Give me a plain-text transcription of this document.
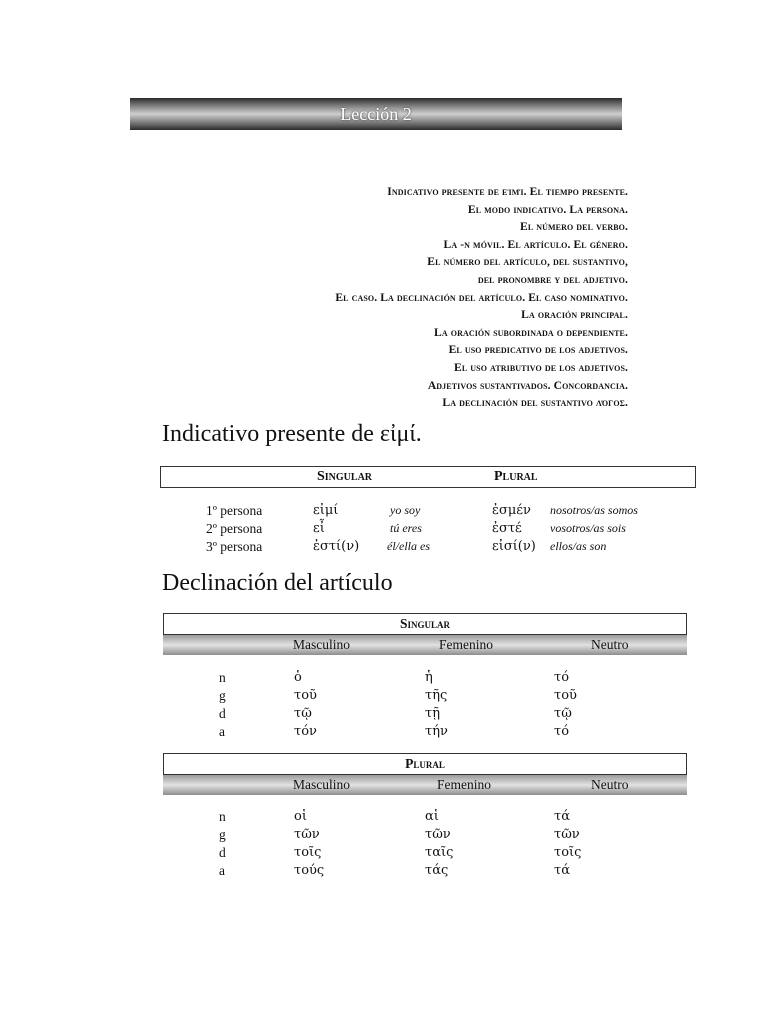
Lección 2
Indicativo presente de εἰμί. El tiempo presente.
El modo indicativo. La persona.
El número del verbo.
La -ν móvil. El artículo. El género.
El número del artículo, del sustantivo,
del pronombre y del adjetivo.
El caso. La declinación del artículo. El caso nominativo.
La oración principal.
La oración subordinada o dependiente.
El uso predicativo de los adjetivos.
El uso atributivo de los adjetivos.
Adjetivos sustantivados. Concordancia.
La declinación del sustantivo λόγος.
Indicativo presente de εἰμί.
Singular	Plural
1º persona	εἰμί	yo soy	ἐσμέν nosotros/as somos
2º persona	εἶ	tú eres	ἐστέ vosotros/as sois
3º persona	ἐστί(ν) él/ella es	εἰσί(ν) ellos/as son
Declinación del artículo
Singular
Masculino	Femenino	Neutro
n	ὁ	ἡ	τό
g	τοῦ	τῆς	τοῦ
d	τῷ	τῇ	τῷ
a	τόν	τήν	τό
Plural
Masculino	Femenino	Neutro
n	οἱ	αἱ	τά
g	τῶν	τῶν	τῶν
d	τοῖς	ταῖς	τοῖς
a	τούς	τάς	τά
